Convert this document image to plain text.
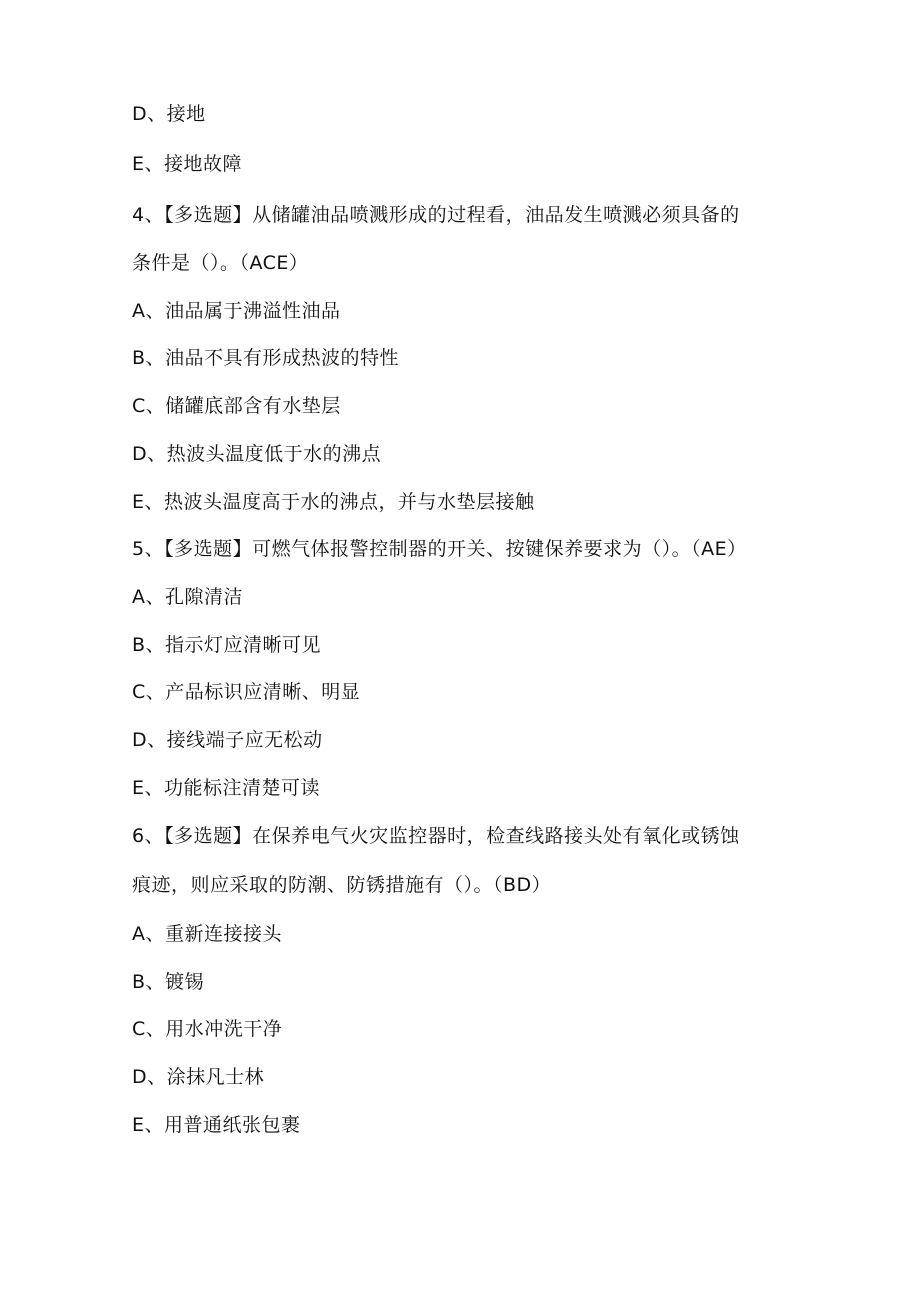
D、接地
E、接地故障
4、【多选题】从储罐油品喷溅形成的过程看，油品发生喷溅必须具备的
条件是（）。（ACE）
A、油品属于沸溢性油品
B、油品不具有形成热波的特性
C、储罐底部含有水垫层
D、热波头温度低于水的沸点
E、热波头温度高于水的沸点，并与水垫层接触
5、【多选题】可燃气体报警控制器的开关、按键保养要求为（）。（AE）
A、孔隙清洁
B、指示灯应清晰可见
C、产品标识应清晰、明显
D、接线端子应无松动
E、功能标注清楚可读
6、【多选题】在保养电气火灾监控器时，检查线路接头处有氧化或锈蚀
痕迹，则应采取的防潮、防锈措施有（）。（BD）
A、重新连接接头
B、镀锡
C、用水冲洗干净
D、涂抹凡士林
E、用普通纸张包裹
